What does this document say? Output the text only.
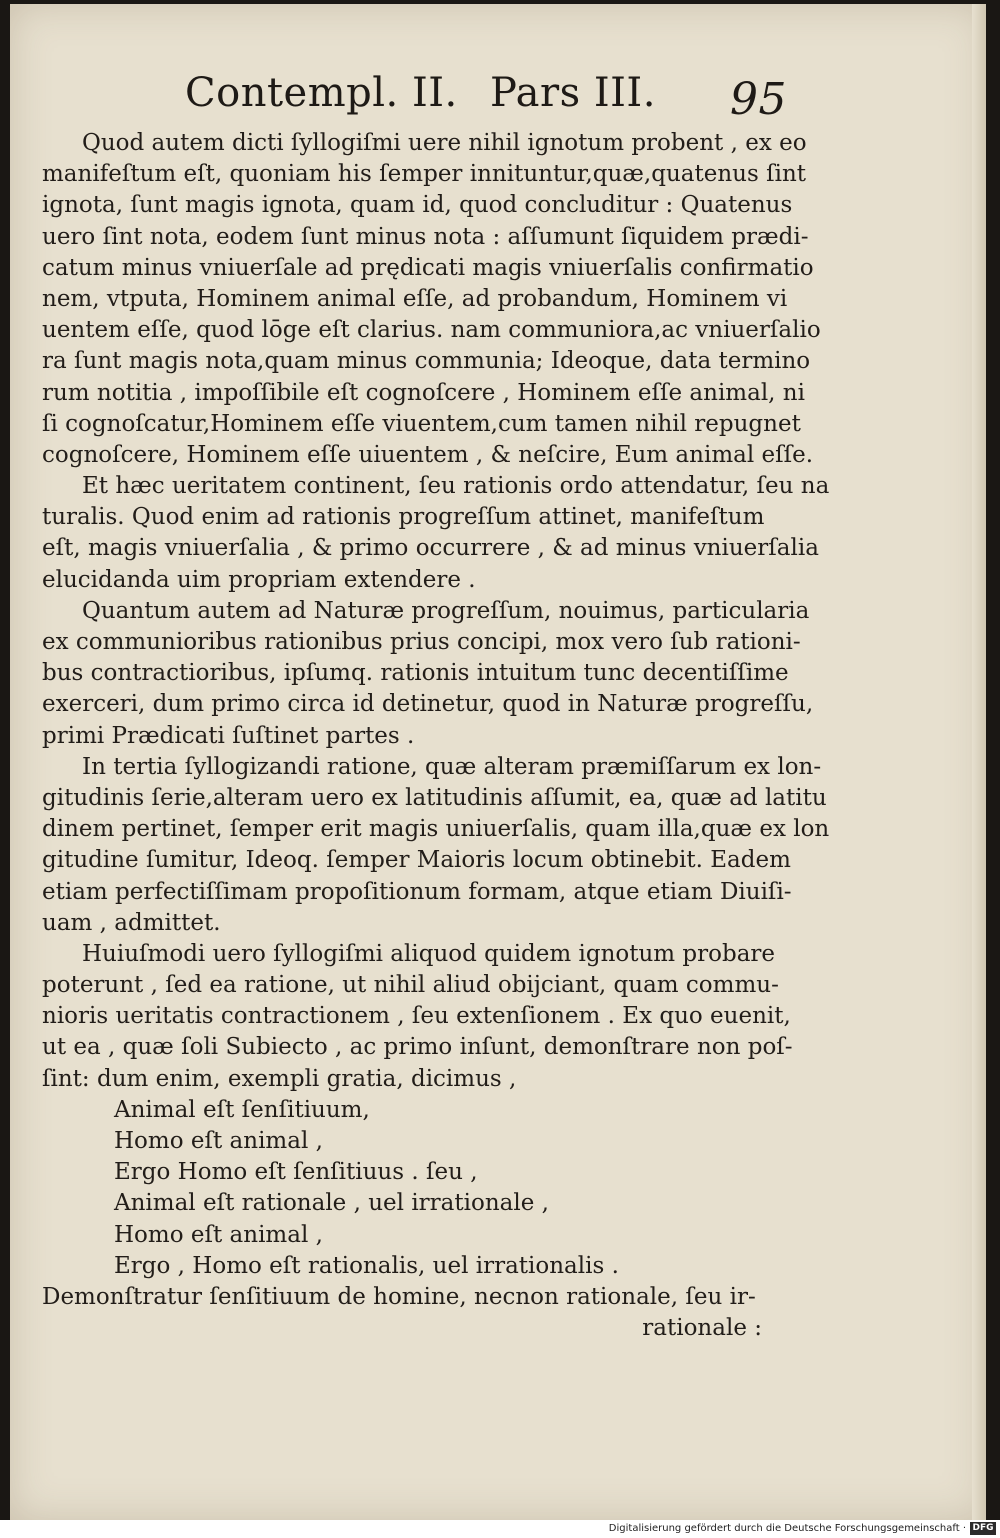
Contempl. II. Pars III. 95
Quod autem dicti ſyllogiſmi uere nihil ignotum probent , ex eo
manifeſtum eſt, quoniam his ſemper innituntur,quæ,quatenus ſint
ignota, ſunt magis ignota, quam id, quod concluditur : Quatenus
uero ſint nota, eodem ſunt minus nota : aſſumunt ſiquidem prædi-
catum minus vniuerſale ad prędicati magis vniuerſalis confirmatio
nem, vtputa, Hominem animal eſſe, ad probandum, Hominem vi
uentem eſſe, quod lōge eſt clarius. nam communiora,ac vniuerſalio
ra ſunt magis nota,quam minus communia; Ideoque, data termino
rum notitia , impoſſibile eſt cognoſcere , Hominem eſſe animal, ni
ſi cognoſcatur,Hominem eſſe viuentem,cum tamen nihil repugnet
cognoſcere, Hominem eſſe uiuentem , & neſcire, Eum animal eſſe.
Et hæc ueritatem continent, ſeu rationis ordo attendatur, ſeu na
turalis. Quod enim ad rationis progreſſum attinet, manifeſtum
eſt, magis vniuerſalia , & primo occurrere , & ad minus vniuerſalia
elucidanda uim propriam extendere .
Quantum autem ad Naturæ progreſſum, nouimus, particularia
ex communioribus rationibus prius concipi, mox vero ſub rationi-
bus contractioribus, ipſumq. rationis intuitum tunc decentiſſime
exerceri, dum primo circa id detinetur, quod in Naturæ progreſſu,
primi Prædicati ſuſtinet partes .
In tertia ſyllogizandi ratione, quæ alteram præmiſſarum ex lon-
gitudinis ſerie,alteram uero ex latitudinis aſſumit, ea, quæ ad latitu
dinem pertinet, ſemper erit magis uniuerſalis, quam illa,quæ ex lon
gitudine ſumitur, Ideoq. ſemper Maioris locum obtinebit. Eadem
etiam perfectiſſimam propoſitionum formam, atque etiam Diuiſi-
uam , admittet.
Huiuſmodi uero ſyllogiſmi aliquod quidem ignotum probare
poterunt , ſed ea ratione, ut nihil aliud obijciant, quam commu-
nioris ueritatis contractionem , ſeu extenſionem . Ex quo euenit,
ut ea , quæ ſoli Subiecto , ac primo inſunt, demonſtrare non poſ-
ſint: dum enim, exempli gratia, dicimus ,
Animal eſt ſenſitiuum,
Homo eſt animal ,
Ergo Homo eſt ſenſitiuus . ſeu ,
Animal eſt rationale , uel irrationale ,
Homo eſt animal ,
Ergo , Homo eſt rationalis, uel irrationalis .
Demonſtratur ſenſitiuum de homine, necnon rationale, ſeu ir-
rationale :
Digitalisierung gefördert durch die Deutsche Forschungsgemeinschaft · DFG
